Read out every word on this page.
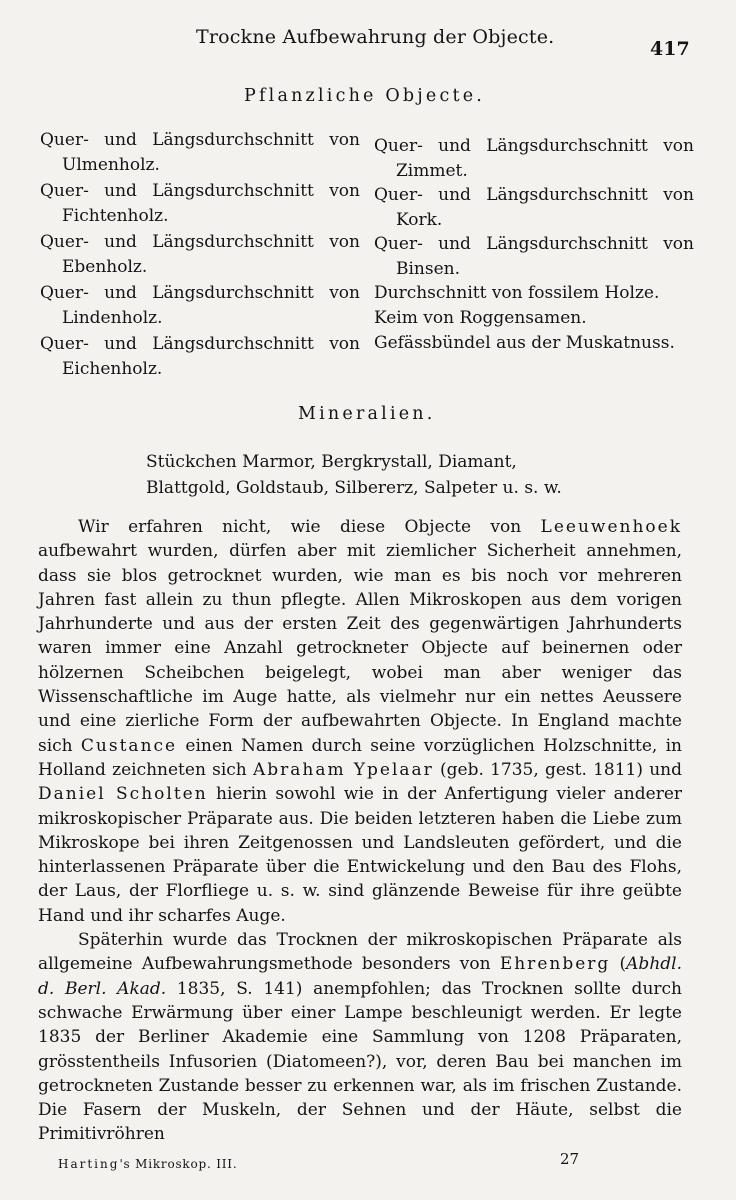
Trockne Aufbewahrung der Objecte.
417
Pflanzliche Objecte.
Quer- und Längsdurchschnitt von
Ulmenholz.
Quer- und Längsdurchschnitt von
Fichtenholz.
Quer- und Längsdurchschnitt von
Ebenholz.
Quer- und Längsdurchschnitt von
Lindenholz.
Quer- und Längsdurchschnitt von
Eichenholz.
Quer- und Längsdurchschnitt von
Zimmet.
Quer- und Längsdurchschnitt von
Kork.
Quer- und Längsdurchschnitt von
Binsen.
Durchschnitt von fossilem Holze.
Keim von Roggensamen.
Gefässbündel aus der Muskatnuss.
Mineralien.
Stückchen Marmor, Bergkrystall, Diamant,
Blattgold, Goldstaub, Silbererz, Salpeter u. s. w.

Wir erfahren nicht, wie diese Objecte von Leeuwenhoek aufbewahrt wurden, dürfen aber mit ziemlicher Sicherheit annehmen, dass sie blos getrocknet wurden, wie man es bis noch vor mehreren Jahren fast allein zu thun pflegte. Allen Mikroskopen aus dem vorigen Jahrhunderte und aus der ersten Zeit des gegenwärtigen Jahrhunderts waren immer eine Anzahl getrockneter Objecte auf beinernen oder hölzernen Scheibchen beigelegt, wobei man aber weniger das Wissenschaftliche im Auge hatte, als vielmehr nur ein nettes Aeussere und eine zierliche Form der aufbewahrten Objecte. In England machte sich Custance einen Namen durch seine vorzüglichen Holzschnitte, in Holland zeichneten sich Abraham Ypelaar (geb. 1735, gest. 1811) und Daniel Scholten hierin sowohl wie in der Anfertigung vieler anderer mikroskopischer Präparate aus. Die beiden letzteren haben die Liebe zum Mikroskope bei ihren Zeitgenossen und Landsleuten gefördert, und die hinterlassenen Präparate über die Entwickelung und den Bau des Flohs, der Laus, der Florfliege u. s. w. sind glänzende Beweise für ihre geübte Hand und ihr scharfes Auge.

Späterhin wurde das Trocknen der mikroskopischen Präparate als allgemeine Aufbewahrungsmethode besonders von Ehrenberg (Abhdl. d. Berl. Akad. 1835, S. 141) anempfohlen; das Trocknen sollte durch schwache Erwärmung über einer Lampe beschleunigt werden. Er legte 1835 der Berliner Akademie eine Sammlung von 1208 Präparaten, grösstentheils Infusorien (Diatomeen?), vor, deren Bau bei manchen im getrockneten Zustande besser zu erkennen war, als im frischen Zustande. Die Fasern der Muskeln, der Sehnen und der Häute, selbst die Primitivröhren

Harting's Mikroskop. III.	27
